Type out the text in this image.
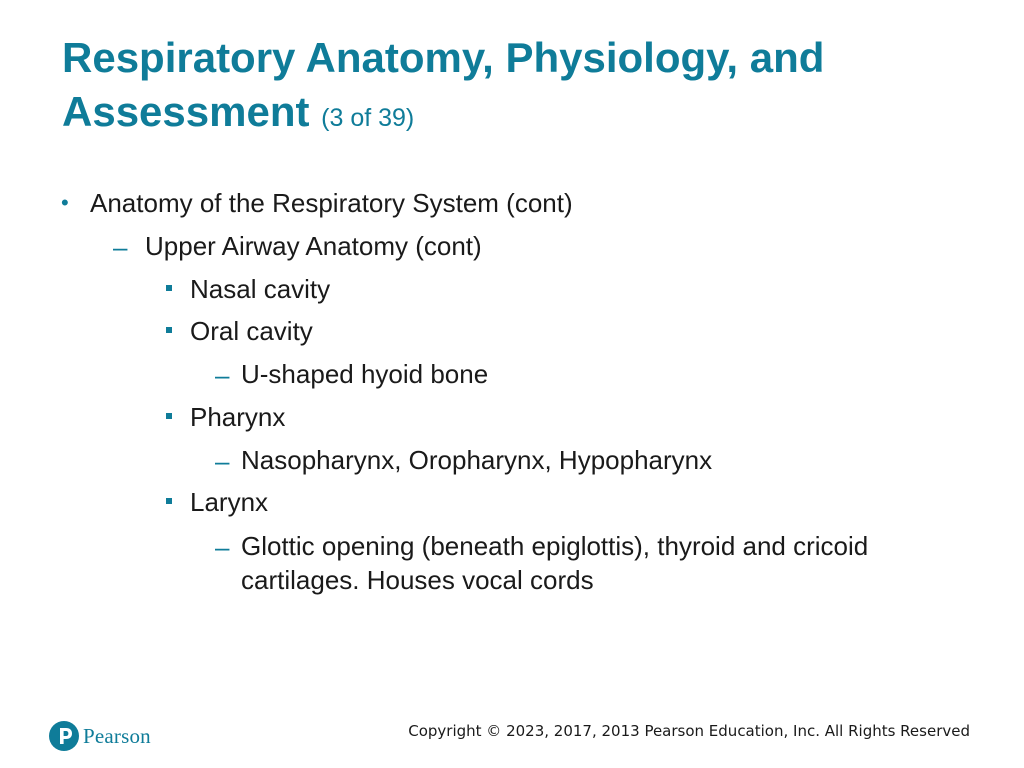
Respiratory Anatomy, Physiology, and Assessment (3 of 39)
• Anatomy of the Respiratory System (cont)
– Upper Airway Anatomy (cont)
Nasal cavity
Oral cavity
– U-shaped hyoid bone
Pharynx
– Nasopharynx, Oropharynx, Hypopharynx
Larynx
– Glottic opening (beneath epiglottis), thyroid and cricoid cartilages. Houses vocal cords
Pearson	Copyright © 2023, 2017, 2013 Pearson Education, Inc. All Rights Reserved
